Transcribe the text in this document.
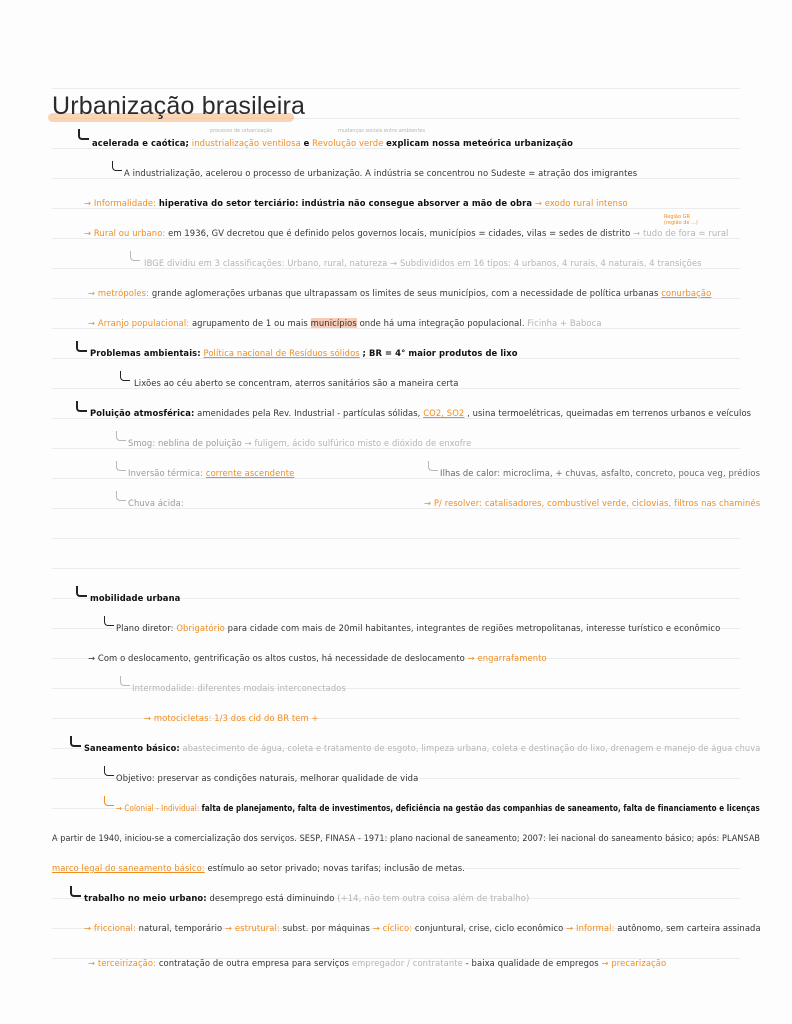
Urbanização brasileira
processo de urbanização	mudanças sociais entre ambientes
Região GR (região de ...)
acelerada e caótica; industrialização ventilosa e Revolução verde explicam nossa meteórica urbanização
A industrialização, acelerou o processo de urbanização. A indústria se concentrou no Sudeste = atração dos imigrantes
→ Informalidade: hiperativa do setor terciário: indústria não consegue absorver a mão de obra → exodo rural intenso
→ Rural ou urbano: em 1936, GV decretou que é definido pelos governos locais, municípios = cidades, vilas = sedes de distrito → tudo de fora = rural
IBGE dividiu em 3 classificações: Urbano, rural, natureza → Subdivididos em 16 tipos: 4 urbanos, 4 rurais, 4 naturais, 4 transições
→ metrópoles: grande aglomerações urbanas que ultrapassam os limites de seus municípios, com a necessidade de política urbanas conurbação
→ Arranjo populacional: agrupamento de 1 ou mais municípios onde há uma integração populacional. Ficinha + Baboca
Problemas ambientais: Política nacional de Resíduos sólidos ; BR = 4° maior produtos de lixo
Lixões ao céu aberto se concentram, aterros sanitários são a maneira certa
Poluição atmosférica: amenidades pela Rev. Industrial - partículas sólidas, CO2, SO2 , usina termoelétricas, queimadas em terrenos urbanos e veículos
Smog: neblina de poluição → fuligem, ácido sulfúrico misto e dióxido de enxofre
Inversão térmica: corrente ascendente	Ilhas de calor: microclima, + chuvas, asfalto, concreto, pouca veg, prédios
Chuva ácida:	→ P/ resolver: catalisadores, combustível verde, ciclovias, filtros nas chaminés
mobilidade urbana
Plano diretor: Obrigatório para cidade com mais de 20mil habitantes, integrantes de regiões metropolitanas, interesse turístico e econômico
→ Com o deslocamento, gentrificação os altos custos, há necessidade de deslocamento → engarrafamento
Intermodalide: diferentes modais interconectados
→ motocicletas: 1/3 dos cid do BR tem +
Saneamento básico: abastecimento de água, coleta e tratamento de esgoto, limpeza urbana, coleta e destinação do lixo, drenagem e manejo de água chuva
Objetivo: preservar as condições naturais, melhorar qualidade de vida
→ Colonial - Individual: falta de planejamento, falta de investimentos, deficiência na gestão das companhias de saneamento, falta de financiamento e licenças
A partir de 1940, iniciou-se a comercialização dos serviços. SESP, FINASA - 1971: plano nacional de saneamento; 2007: lei nacional do saneamento básico; após: PLANSAB
marco legal do saneamento básico: estímulo ao setor privado; novas tarifas; inclusão de metas.
trabalho no meio urbano: desemprego está diminuindo (+14, não tem outra coisa além de trabalho)
→ friccional: natural, temporário → estrutural: subst. por máquinas → cíclico: conjuntural, crise, ciclo econômico → Informal: autônomo, sem carteira assinada
→ terceirização: contratação de outra empresa para serviços empregador / contratante - baixa qualidade de empregos → precarização
